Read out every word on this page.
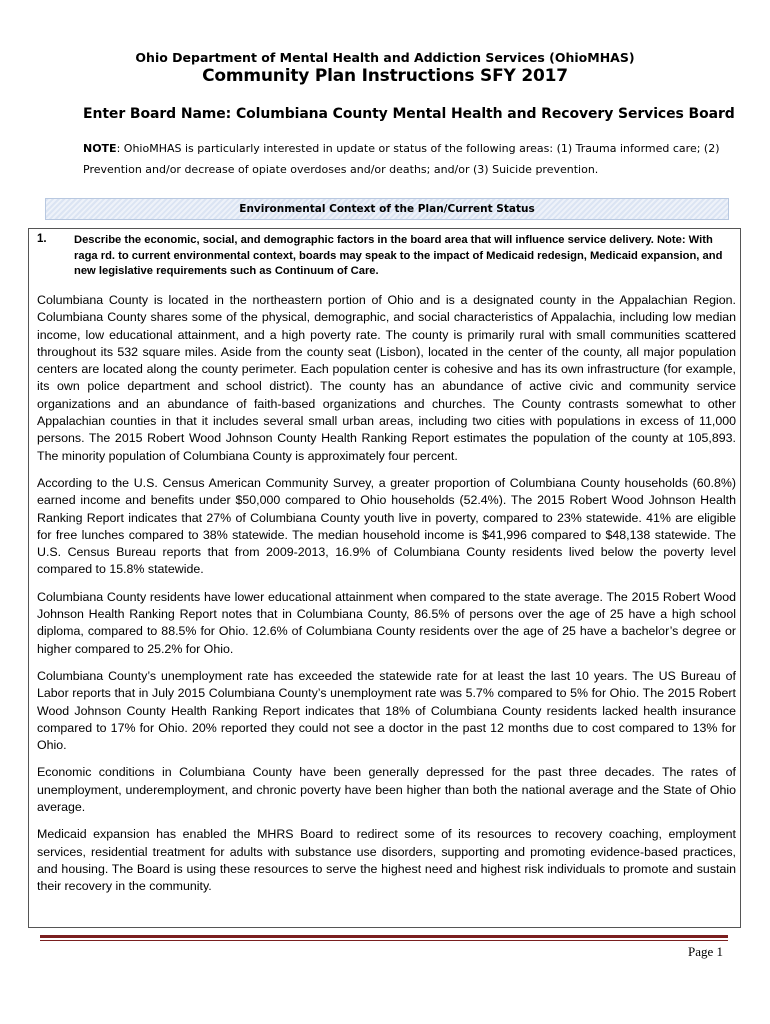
Ohio Department of Mental Health and Addiction Services (OhioMHAS)
Community Plan Instructions SFY 2017
Enter Board Name: Columbiana County Mental Health and Recovery Services Board
NOTE: OhioMHAS is particularly interested in update or status of the following areas: (1) Trauma informed care; (2) Prevention and/or decrease of opiate overdoses and/or deaths; and/or (3) Suicide prevention.
Environmental Context of the Plan/Current Status
1. Describe the economic, social, and demographic factors in the board area that will influence service delivery. Note: With raga rd. to current environmental context, boards may speak to the impact of Medicaid redesign, Medicaid expansion, and new legislative requirements such as Continuum of Care.

Columbiana County is located in the northeastern portion of Ohio and is a designated county in the Appalachian Region. Columbiana County shares some of the physical, demographic, and social characteristics of Appalachia, including low median income, low educational attainment, and a high poverty rate. The county is primarily rural with small communities scattered throughout its 532 square miles. Aside from the county seat (Lisbon), located in the center of the county, all major population centers are located along the county perimeter. Each population center is cohesive and has its own infrastructure (for example, its own police department and school district). The county has an abundance of active civic and community service organizations and an abundance of faith-based organizations and churches. The County contrasts somewhat to other Appalachian counties in that it includes several small urban areas, including two cities with populations in excess of 11,000 persons. The 2015 Robert Wood Johnson County Health Ranking Report estimates the population of the county at 105,893. The minority population of Columbiana County is approximately four percent.

According to the U.S. Census American Community Survey, a greater proportion of Columbiana County households (60.8%) earned income and benefits under $50,000 compared to Ohio households (52.4%). The 2015 Robert Wood Johnson Health Ranking Report indicates that 27% of Columbiana County youth live in poverty, compared to 23% statewide. 41% are eligible for free lunches compared to 38% statewide. The median household income is $41,996 compared to $48,138 statewide. The U.S. Census Bureau reports that from 2009-2013, 16.9% of Columbiana County residents lived below the poverty level compared to 15.8% statewide.

Columbiana County residents have lower educational attainment when compared to the state average. The 2015 Robert Wood Johnson Health Ranking Report notes that in Columbiana County, 86.5% of persons over the age of 25 have a high school diploma, compared to 88.5% for Ohio. 12.6% of Columbiana County residents over the age of 25 have a bachelor’s degree or higher compared to 25.2% for Ohio.

Columbiana County’s unemployment rate has exceeded the statewide rate for at least the last 10 years. The US Bureau of Labor reports that in July 2015 Columbiana County’s unemployment rate was 5.7% compared to 5% for Ohio. The 2015 Robert Wood Johnson County Health Ranking Report indicates that 18% of Columbiana County residents lacked health insurance compared to 17% for Ohio. 20% reported they could not see a doctor in the past 12 months due to cost compared to 13% for Ohio.

Economic conditions in Columbiana County have been generally depressed for the past three decades. The rates of unemployment, underemployment, and chronic poverty have been higher than both the national average and the State of Ohio average.

Medicaid expansion has enabled the MHRS Board to redirect some of its resources to recovery coaching, employment services, residential treatment for adults with substance use disorders, supporting and promoting evidence-based practices, and housing. The Board is using these resources to serve the highest need and highest risk individuals to promote and sustain their recovery in the community.

Page 1
